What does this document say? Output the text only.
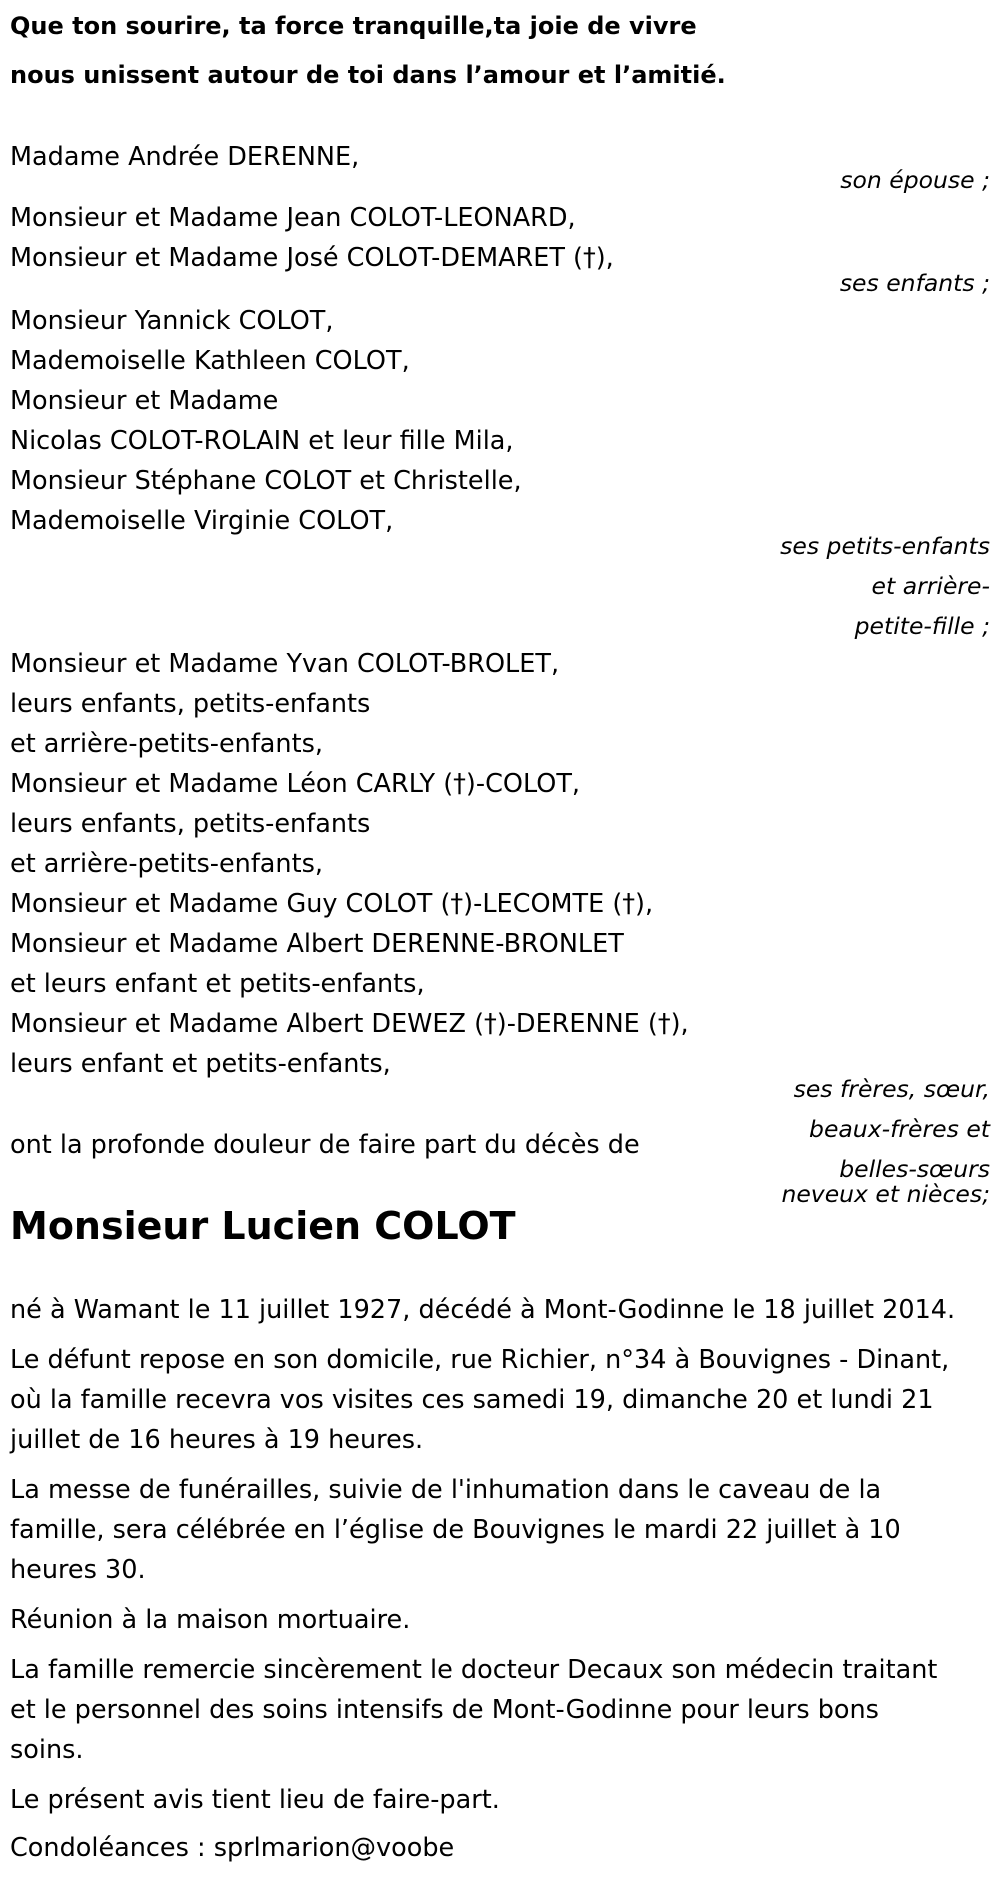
Que ton sourire, ta force tranquille,ta joie de vivre
nous unissent autour de toi dans l’amour et l’amitié.
Madame Andrée DERENNE,
son épouse ;
Monsieur et Madame Jean COLOT-LEONARD,
Monsieur et Madame José COLOT-DEMARET (†),
ses enfants ;
Monsieur Yannick COLOT,
Mademoiselle Kathleen COLOT,
Monsieur et Madame
Nicolas COLOT-ROLAIN et leur fille Mila,
Monsieur Stéphane COLOT et Christelle,
Mademoiselle Virginie COLOT,
ses petits-enfants
et arrière-
petite-fille ;
Monsieur et Madame Yvan COLOT-BROLET,
leurs enfants, petits-enfants
et arrière-petits-enfants,
Monsieur et Madame Léon CARLY (†)-COLOT,
leurs enfants, petits-enfants
et arrière-petits-enfants,
Monsieur et Madame Guy COLOT (†)-LECOMTE (†),
Monsieur et Madame Albert DERENNE-BRONLET
et leurs enfant et petits-enfants,
Monsieur et Madame Albert DEWEZ (†)-DERENNE (†),
leurs enfant et petits-enfants,
ses frères, sœur,
beaux-frères et
belles-sœurs
neveux et nièces;
ont la profonde douleur de faire part du décès de
Monsieur Lucien COLOT
né à Wamant le 11 juillet 1927, décédé à Mont-Godinne le 18 juillet 2014.
Le défunt repose en son domicile, rue Richier, n°34 à Bouvignes - Dinant,
où la famille recevra vos visites ces samedi 19, dimanche 20 et lundi 21
juillet de 16 heures à 19 heures.
La messe de funérailles, suivie de l'inhumation dans le caveau de la
famille, sera célébrée en l’église de Bouvignes le mardi 22 juillet à 10
heures 30.
Réunion à la maison mortuaire.
La famille remercie sincèrement le docteur Decaux son médecin traitant
et le personnel des soins intensifs de Mont-Godinne pour leurs bons
soins.
Le présent avis tient lieu de faire-part.
Condoléances : sprlmarion@voobe
